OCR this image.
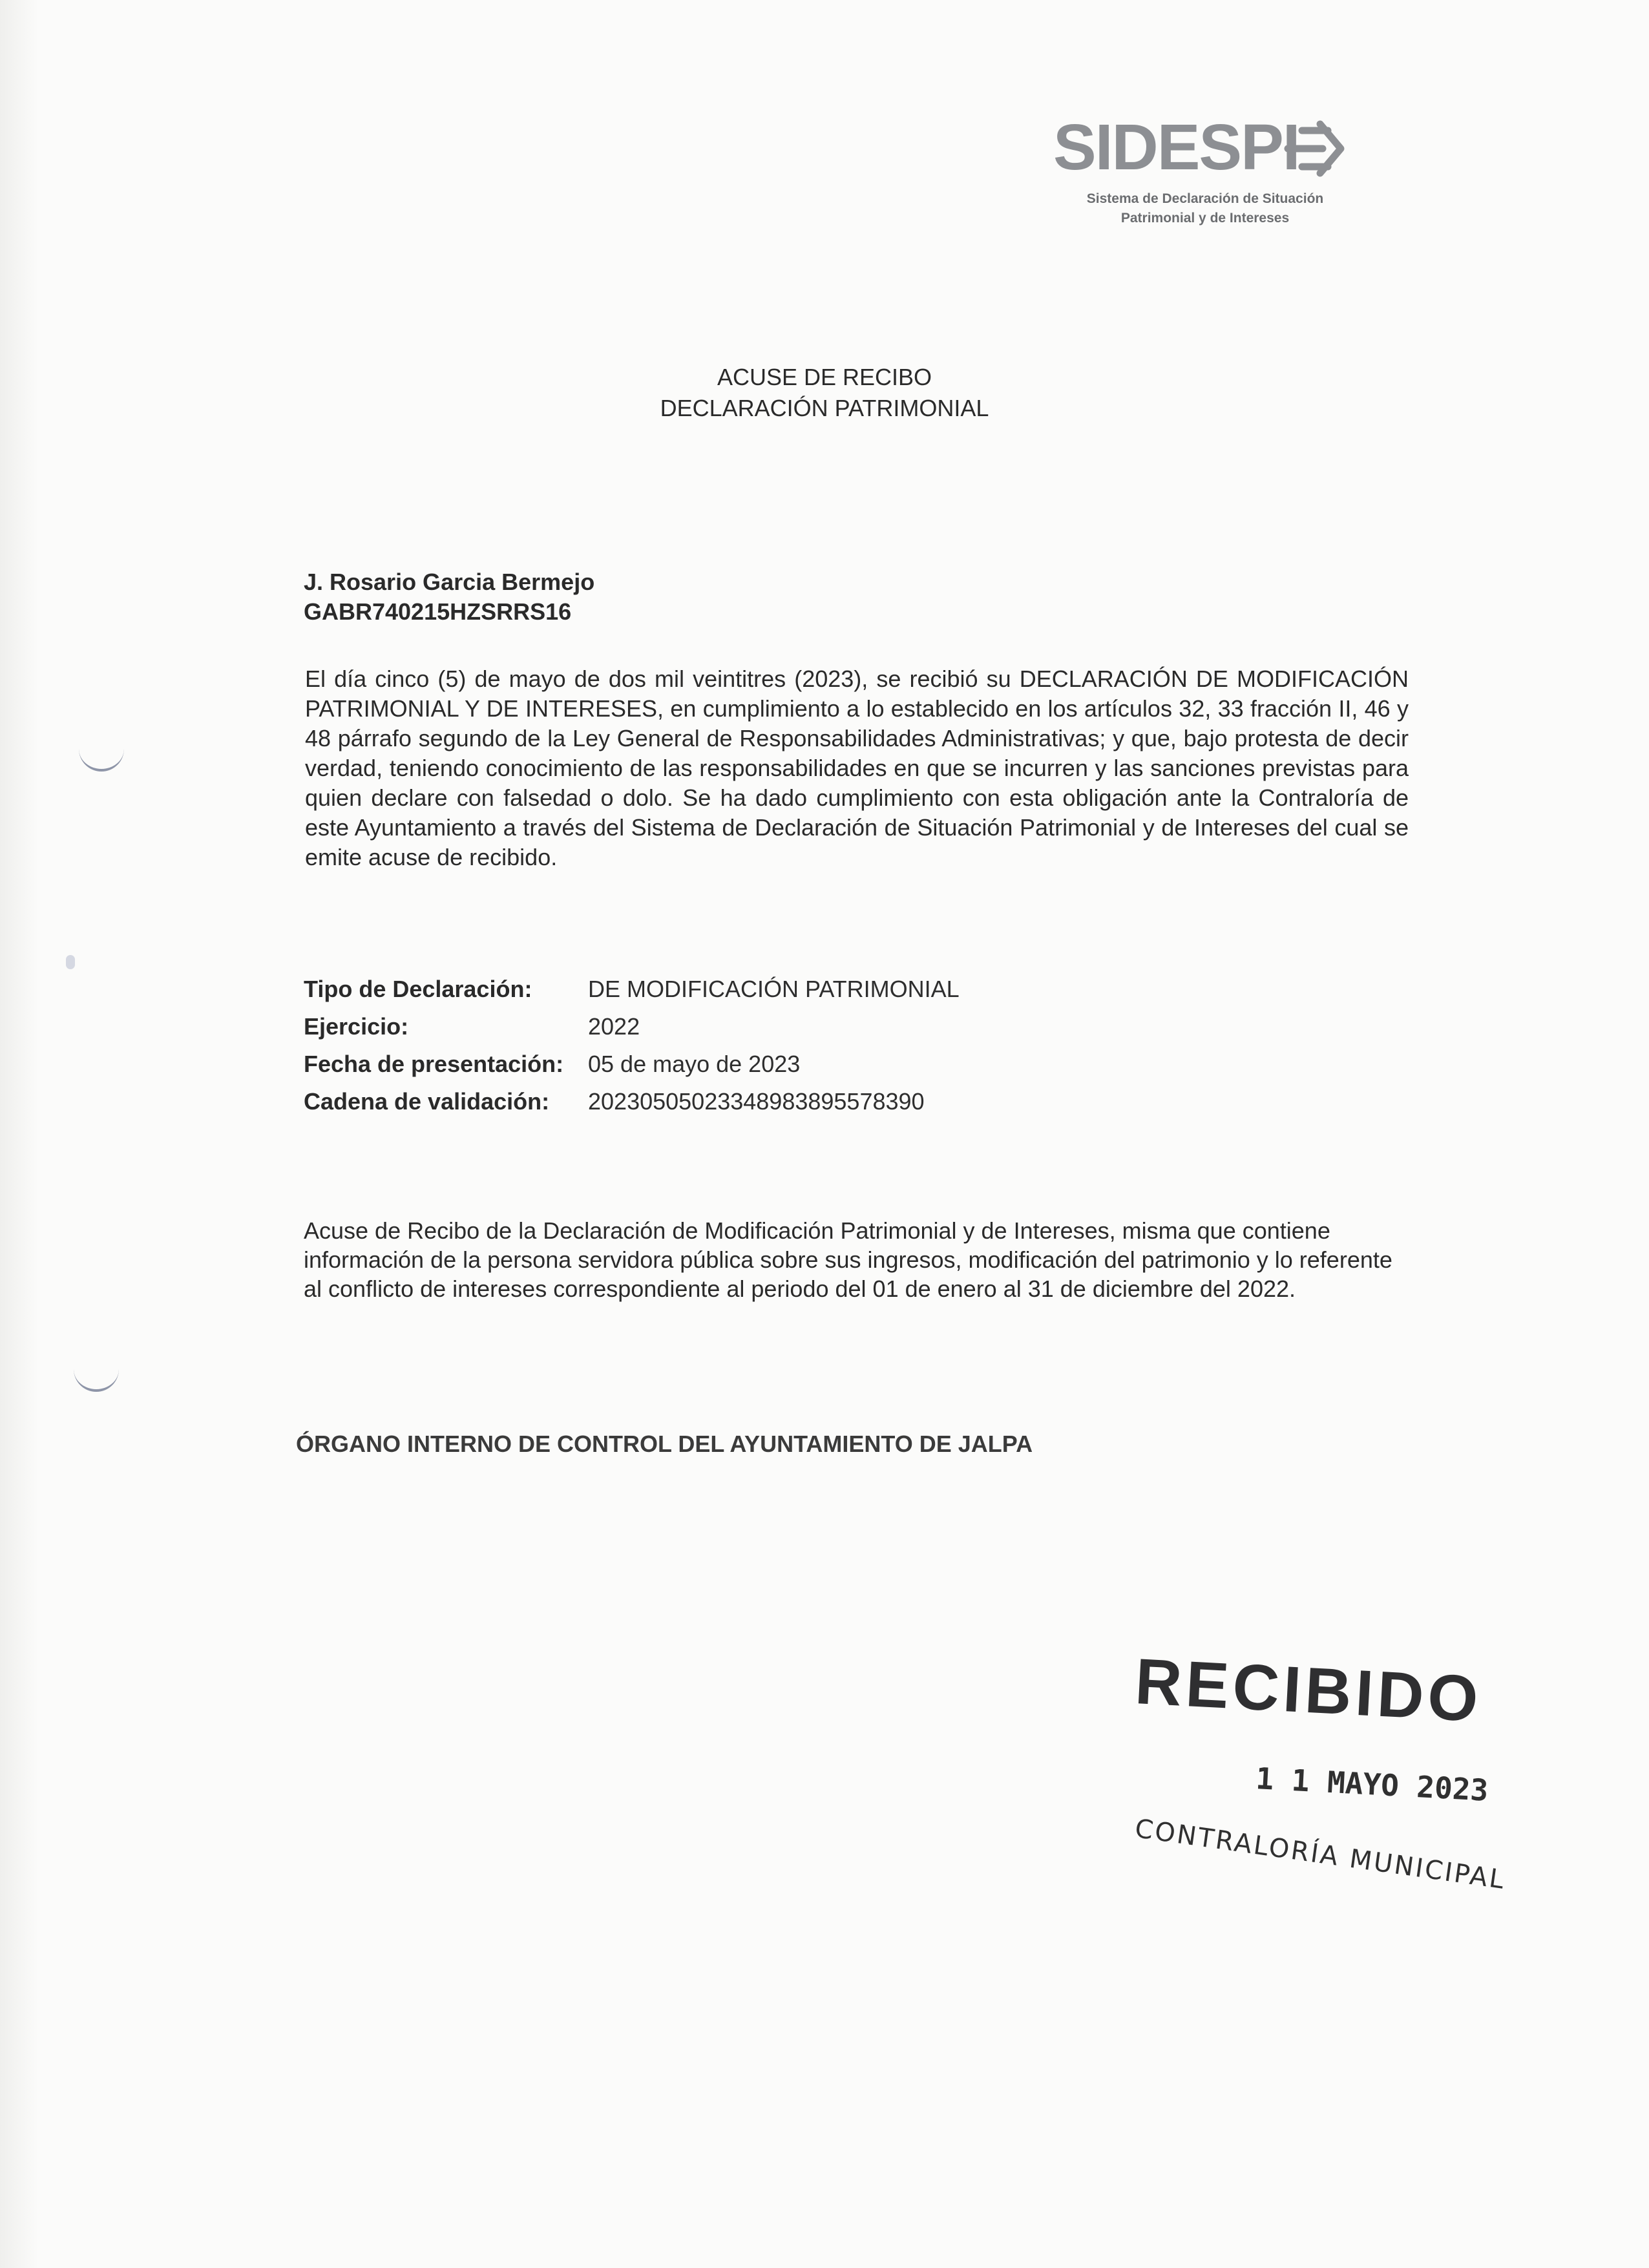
SIDESPI
Sistema de Declaración de Situación
Patrimonial y de Intereses
ACUSE DE RECIBO
DECLARACIÓN PATRIMONIAL
J. Rosario Garcia Bermejo
GABR740215HZSRRS16
El día cinco (5) de mayo de dos mil veintitres (2023), se recibió su DECLARACIÓN DE MODIFICACIÓN PATRIMONIAL Y DE INTERESES, en cumplimiento a lo establecido en los artículos 32, 33 fracción II, 46 y 48 párrafo segundo de la Ley General de Responsabilidades Administrativas; y que, bajo protesta de decir verdad, teniendo conocimiento de las responsabilidades en que se incurren y las sanciones previstas para quien declare con falsedad o dolo. Se ha dado cumplimiento con esta obligación ante la Contraloría de este Ayuntamiento a través del Sistema de Declaración de Situación Patrimonial y de Intereses del cual se emite acuse de recibido.
Tipo de Declaración:	DE MODIFICACIÓN PATRIMONIAL
Ejercicio:	2022
Fecha de presentación:	05 de mayo de 2023
Cadena de validación:	20230505023348983895578390
Acuse de Recibo de la Declaración de Modificación Patrimonial y de Intereses, misma que contiene información de la persona servidora pública sobre sus ingresos, modificación del patrimonio y lo referente al conflicto de intereses correspondiente al periodo del 01 de enero al 31 de diciembre del 2022.
ÓRGANO INTERNO DE CONTROL DEL AYUNTAMIENTO DE JALPA
RECIBIDO
1 1 MAYO 2023
CONTRALORÍA MUNICIPAL
